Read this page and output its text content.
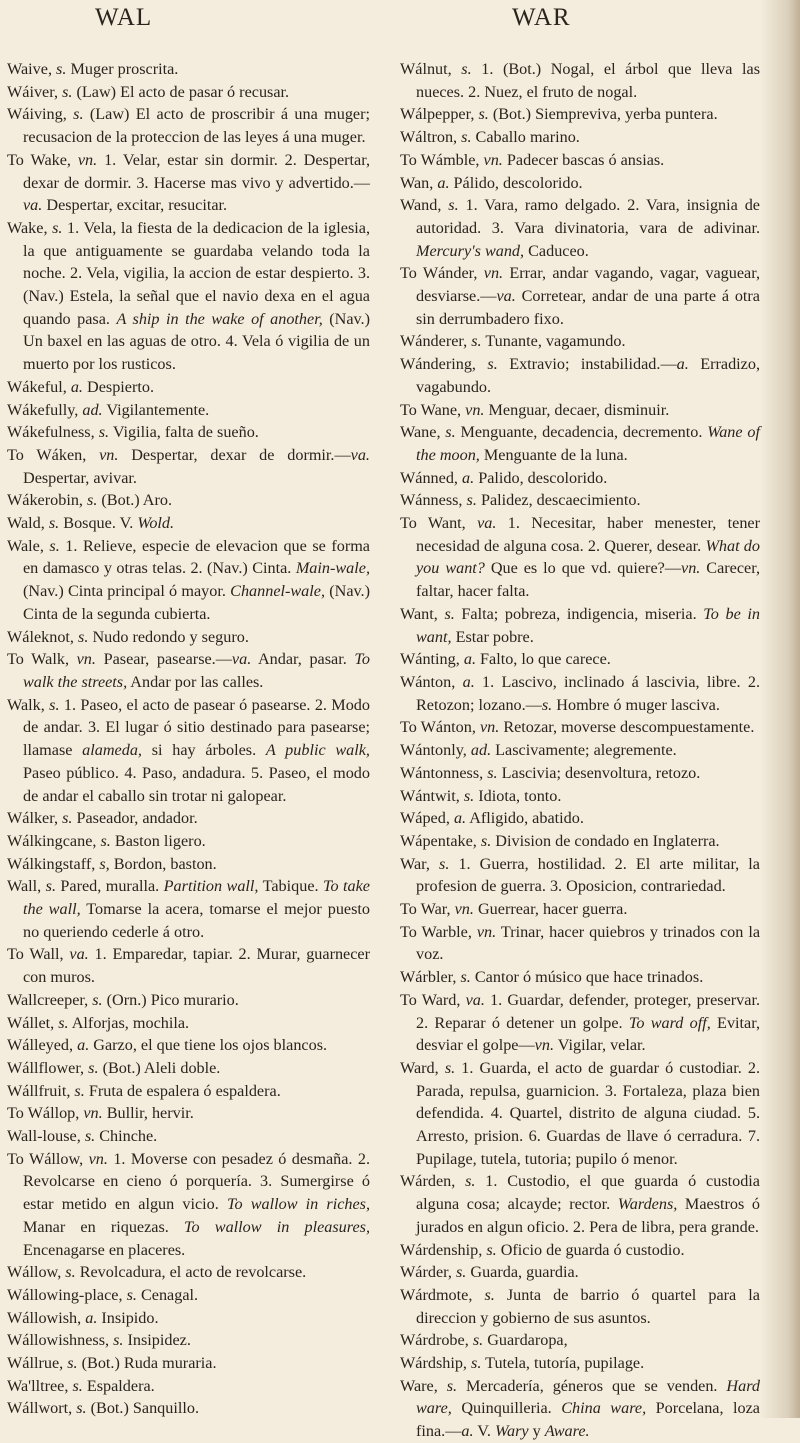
WAL	WAR
Waive, s. Muger proscrita.
Wáiver, s. (Law) El acto de pasar ó recusar.
Wáiving, s. (Law) El acto de proscribir á una muger; recusacion de la proteccion de las leyes á una muger.
To Wake, vn. 1. Velar, estar sin dormir. 2. Despertar, dexar de dormir. 3. Hacerse mas vivo y advertido.—va. Despertar, excitar, resucitar.
Wake, s. 1. Vela, la fiesta de la dedicacion de la iglesia, la que antiguamente se guardaba velando toda la noche. 2. Vela, vigilia, la accion de estar despierto. 3. (Nav.) Estela, la señal que el navio dexa en el agua quando pasa. A ship in the wake of another, (Nav.) Un baxel en las aguas de otro. 4. Vela ó vigilia de un muerto por los rusticos.
Wákeful, a. Despierto.
Wákefully, ad. Vigilantemente.
Wákefulness, s. Vigilia, falta de sueño.
To Wáken, vn. Despertar, dexar de dormir.—va. Despertar, avivar.
Wákerobin, s. (Bot.) Aro.
Wald, s. Bosque. V. Wold.
Wale, s. 1. Relieve, especie de elevacion que se forma en damasco y otras telas. 2. (Nav.) Cinta. Main-wale, (Nav.) Cinta principal ó mayor. Channel-wale, (Nav.) Cinta de la segunda cubierta.
Wáleknot, s. Nudo redondo y seguro.
To Walk, vn. Pasear, pasearse.—va. Andar, pasar. To walk the streets, Andar por las calles.
Walk, s. 1. Paseo, el acto de pasear ó pasearse. 2. Modo de andar. 3. El lugar ó sitio destinado para pasearse; llamase alameda, si hay árboles. A public walk, Paseo público. 4. Paso, andadura. 5. Paseo, el modo de andar el caballo sin trotar ni galopear.
Wálker, s. Paseador, andador.
Wálkingcane, s. Baston ligero.
Wálkingstaff, s, Bordon, baston.
Wall, s. Pared, muralla. Partition wall, Tabique. To take the wall, Tomarse la acera, tomarse el mejor puesto no queriendo cederle á otro.
To Wall, va. 1. Emparedar, tapiar. 2. Murar, guarnecer con muros.
Wallcreeper, s. (Orn.) Pico murario.
Wállet, s. Alforjas, mochila.
Wálleyed, a. Garzo, el que tiene los ojos blancos.
Wállflower, s. (Bot.) Aleli doble.
Wállfruit, s. Fruta de espalera ó espaldera.
To Wállop, vn. Bullir, hervir.
Wall-louse, s. Chinche.
To Wállow, vn. 1. Moverse con pesadez ó desmaña. 2. Revolcarse en cieno ó porquería. 3. Sumergirse ó estar metido en algun vicio. To wallow in riches, Manar en riquezas. To wallow in pleasures, Encenagarse en placeres.
Wállow, s. Revolcadura, el acto de revolcarse.
Wállowing-place, s. Cenagal.
Wállowish, a. Insipido.
Wállowishness, s. Insipidez.
Wállrue, s. (Bot.) Ruda muraria.
Wa'lltree, s. Espaldera.
Wállwort, s. (Bot.) Sanquillo.
Wálnut, s. 1. (Bot.) Nogal, el árbol que lleva las nueces. 2. Nuez, el fruto de nogal.
Wálpepper, s. (Bot.) Siempreviva, yerba puntera.
Wáltron, s. Caballo marino.
To Wámble, vn. Padecer bascas ó ansias.
Wan, a. Pálido, descolorido.
Wand, s. 1. Vara, ramo delgado. 2. Vara, insignia de autoridad. 3. Vara divinatoria, vara de adivinar. Mercury's wand, Caduceo.
To Wánder, vn. Errar, andar vagando, vagar, vaguear, desviarse.—va. Corretear, andar de una parte á otra sin derrumbadero fixo.
Wánderer, s. Tunante, vagamundo.
Wándering, s. Extravio; instabilidad.—a. Erradizo, vagabundo.
To Wane, vn. Menguar, decaer, disminuir.
Wane, s. Menguante, decadencia, decremento. Wane of the moon, Menguante de la luna.
Wánned, a. Palido, descolorido.
Wánness, s. Palidez, descaecimiento.
To Want, va. 1. Necesitar, haber menester, tener necesidad de alguna cosa. 2. Querer, desear. What do you want? Que es lo que vd. quiere?—vn. Carecer, faltar, hacer falta.
Want, s. Falta; pobreza, indigencia, miseria. To be in want, Estar pobre.
Wánting, a. Falto, lo que carece.
Wánton, a. 1. Lascivo, inclinado á lascivia, libre. 2. Retozon; lozano.—s. Hombre ó muger lasciva.
To Wánton, vn. Retozar, moverse descompuestamente.
Wántonly, ad. Lascivamente; alegremente.
Wántonness, s. Lascivia; desenvoltura, retozo.
Wántwit, s. Idiota, tonto.
Wáped, a. Afligido, abatido.
Wápentake, s. Division de condado en Inglaterra.
War, s. 1. Guerra, hostilidad. 2. El arte militar, la profesion de guerra. 3. Oposicion, contrariedad.
To War, vn. Guerrear, hacer guerra.
To Warble, vn. Trinar, hacer quiebros y trinados con la voz.
Wárbler, s. Cantor ó músico que hace trinados.
To Ward, va. 1. Guardar, defender, proteger, preservar. 2. Reparar ó detener un golpe. To ward off, Evitar, desviar el golpe—vn. Vigilar, velar.
Ward, s. 1. Guarda, el acto de guardar ó custodiar. 2. Parada, repulsa, guarnicion. 3. Fortaleza, plaza bien defendida. 4. Quartel, distrito de alguna ciudad. 5. Arresto, prision. 6. Guardas de llave ó cerradura. 7. Pupilage, tutela, tutoria; pupilo ó menor.
Wárden, s. 1. Custodio, el que guarda ó custodia alguna cosa; alcayde; rector. Wardens, Maestros ó jurados en algun oficio. 2. Pera de libra, pera grande.
Wárdenship, s. Oficio de guarda ó custodio.
Wárder, s. Guarda, guardia.
Wárdmote, s. Junta de barrio ó quartel para la direccion y gobierno de sus asuntos.
Wárdrobe, s. Guardaropa,
Wárdship, s. Tutela, tutoría, pupilage.
Ware, s. Mercadería, géneros que se venden. Hard ware, Quinquilleria. China ware, Porcelana, loza fina.—a. V. Wary y Aware.
